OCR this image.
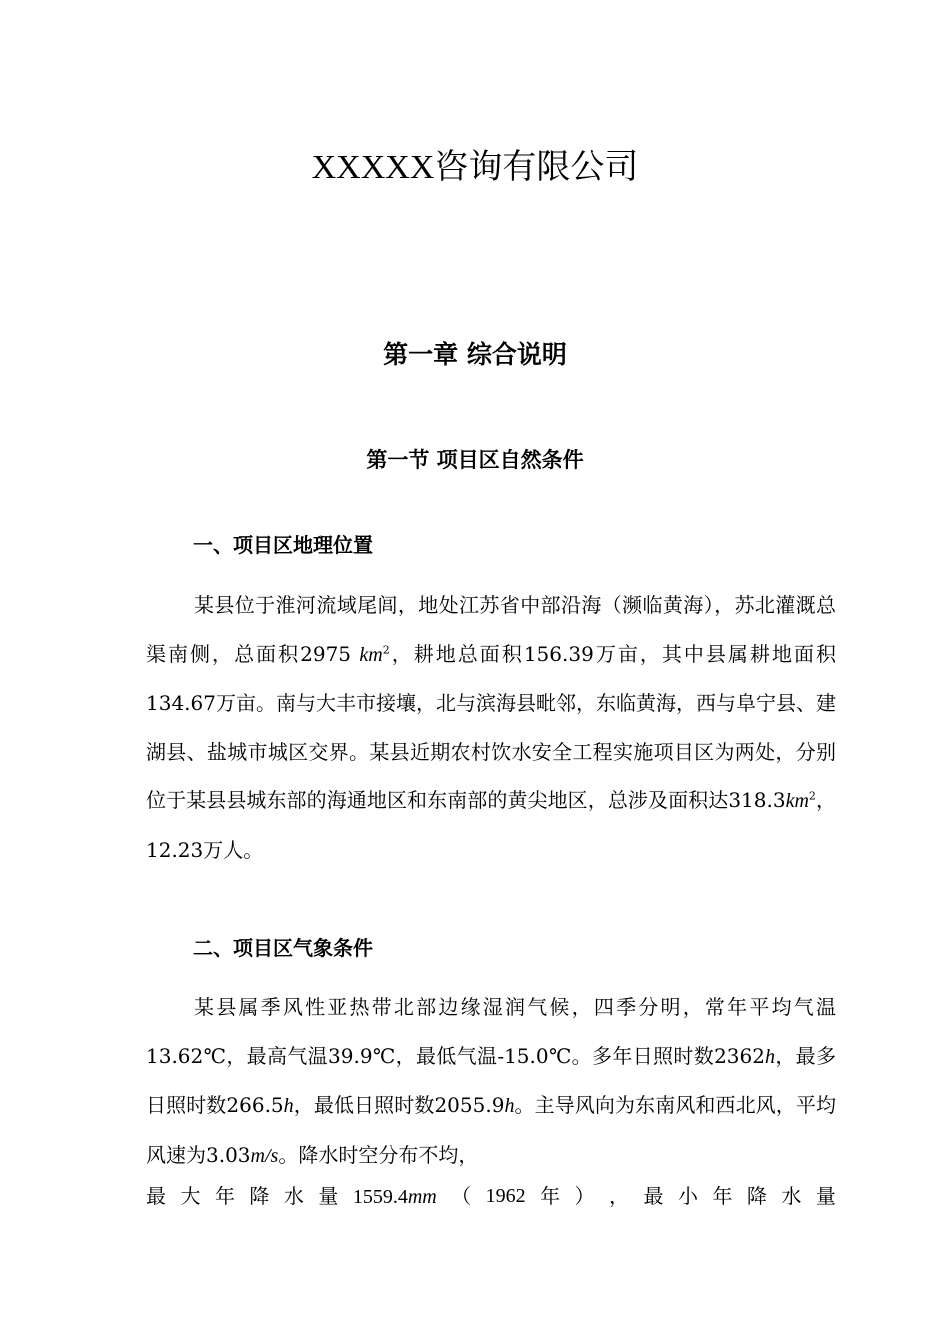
XXXXX咨询有限公司
第一章 综合说明
第一节 项目区自然条件
一、项目区地理位置

某县位于淮河流域尾闾，地处江苏省中部沿海（濒临黄海），苏北灌溉总渠南侧，总面积2975 $km^2$，耕地总面积156.39万亩，其中县属耕地面积134.67万亩。南与大丰市接壤，北与滨海县毗邻，东临黄海，西与阜宁县、建湖县、盐城市城区交界。某县近期农村饮水安全工程实施项目区为两处，分别位于某县县城东部的海通地区和东南部的黄尖地区，总涉及面积达$318.3km^2$，12.23万人。

二、项目区气象条件

某县属季风性亚热带北部边缘湿润气候，四季分明，常年平均气温13.62℃，最高气温39.9℃，最低气温-15.0℃。多年日照时数2362h，最多日照时数266.5h，最低日照时数2055.9h。主导风向为东南风和西北风，平均风速为3.03m/s。降水时空分布不均，

最 大 年 降 水 量 1559.4mm （ 1962 年 ） ， 最 小 年 降 水 量
